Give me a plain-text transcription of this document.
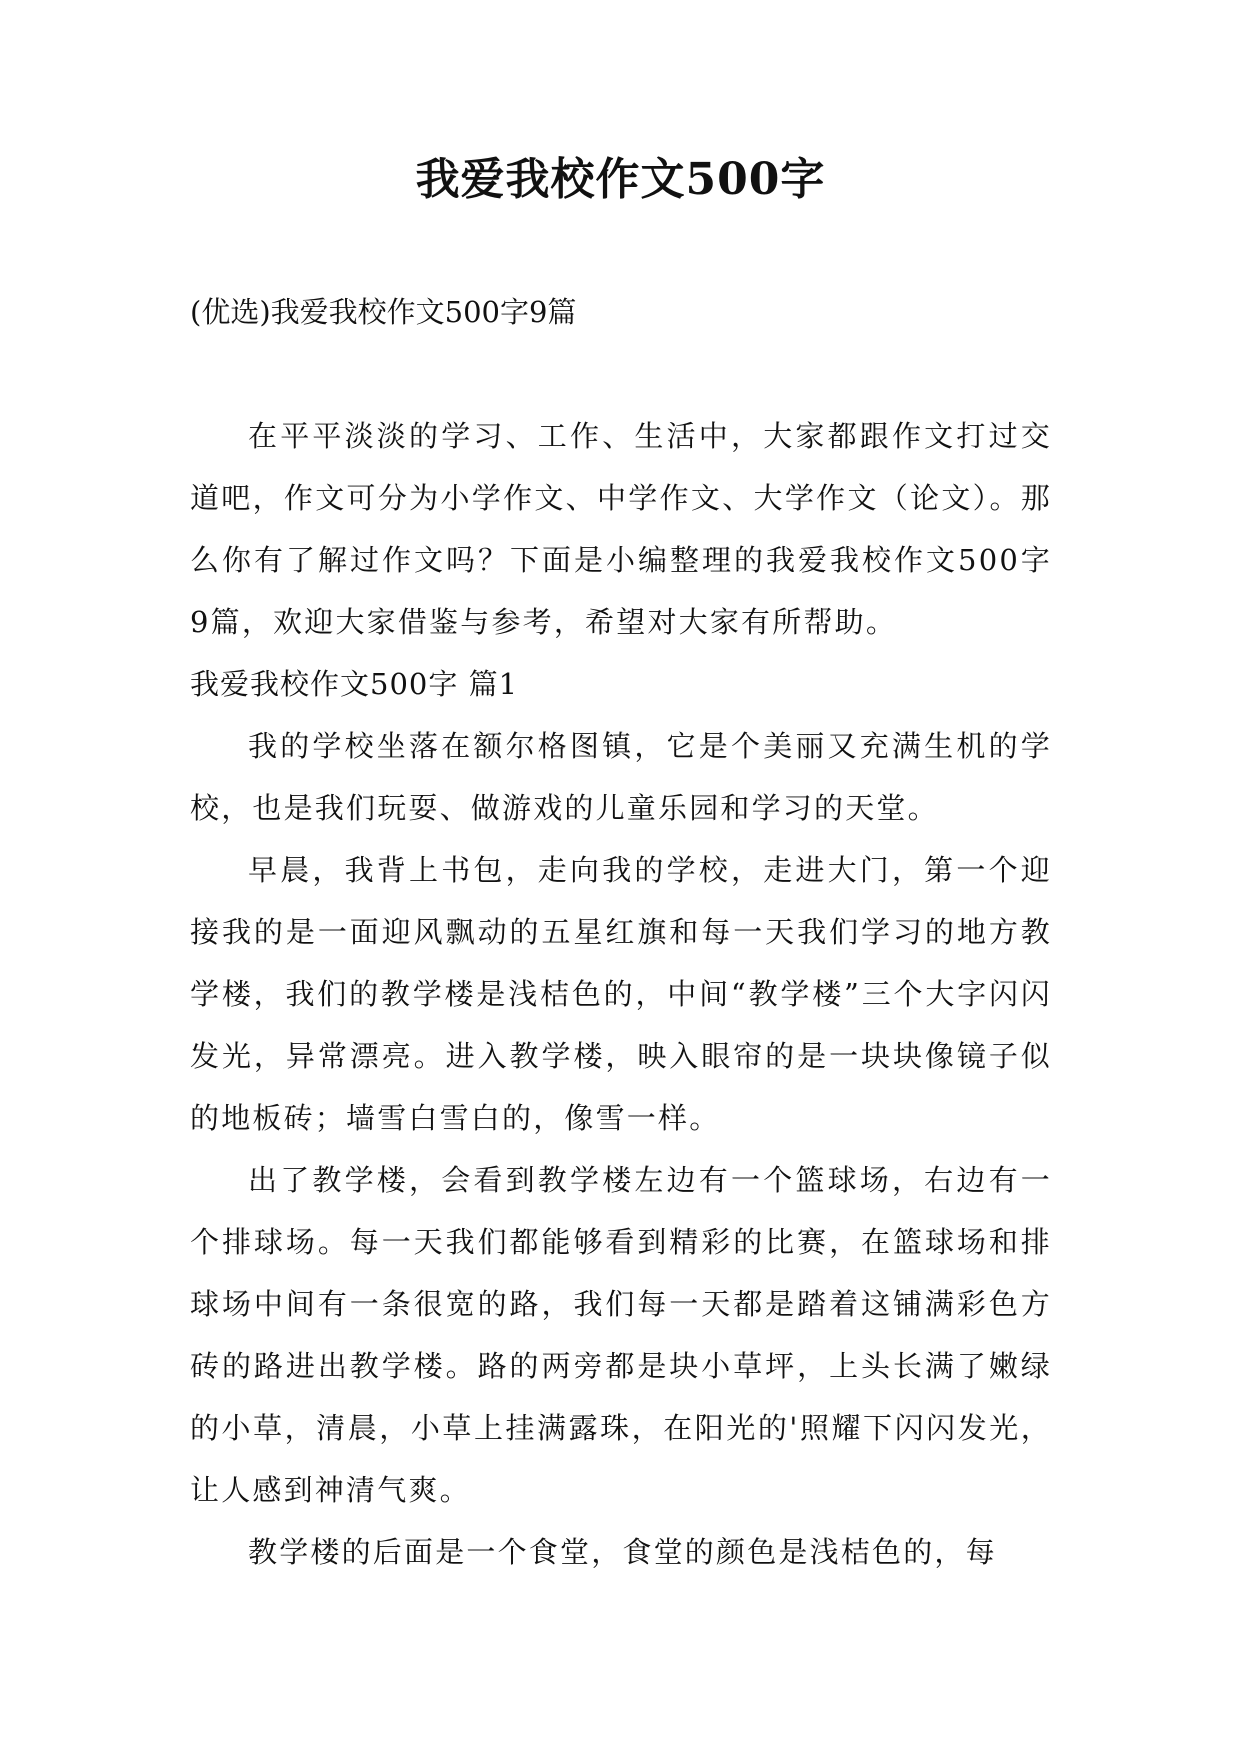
我爱我校作文500字
(优选)我爱我校作文500字9篇

在平平淡淡的学习、工作、生活中，大家都跟作文打过交道吧，作文可分为小学作文、中学作文、大学作文（论文）。那么你有了解过作文吗？下面是小编整理的我爱我校作文500字9篇，欢迎大家借鉴与参考，希望对大家有所帮助。

我爱我校作文500字 篇1

我的学校坐落在额尔格图镇，它是个美丽又充满生机的学校，也是我们玩耍、做游戏的儿童乐园和学习的天堂。

早晨，我背上书包，走向我的学校，走进大门，第一个迎接我的是一面迎风飘动的五星红旗和每一天我们学习的地方教学楼，我们的教学楼是浅桔色的，中间“教学楼”三个大字闪闪发光，异常漂亮。进入教学楼，映入眼帘的是一块块像镜子似的地板砖；墙雪白雪白的，像雪一样。

出了教学楼，会看到教学楼左边有一个篮球场，右边有一个排球场。每一天我们都能够看到精彩的比赛，在篮球场和排球场中间有一条很宽的路，我们每一天都是踏着这铺满彩色方砖的路进出教学楼。路的两旁都是块小草坪，上头长满了嫩绿的小草，清晨，小草上挂满露珠，在阳光的'照耀下闪闪发光，让人感到神清气爽。

教学楼的后面是一个食堂，食堂的颜色是浅桔色的，每
